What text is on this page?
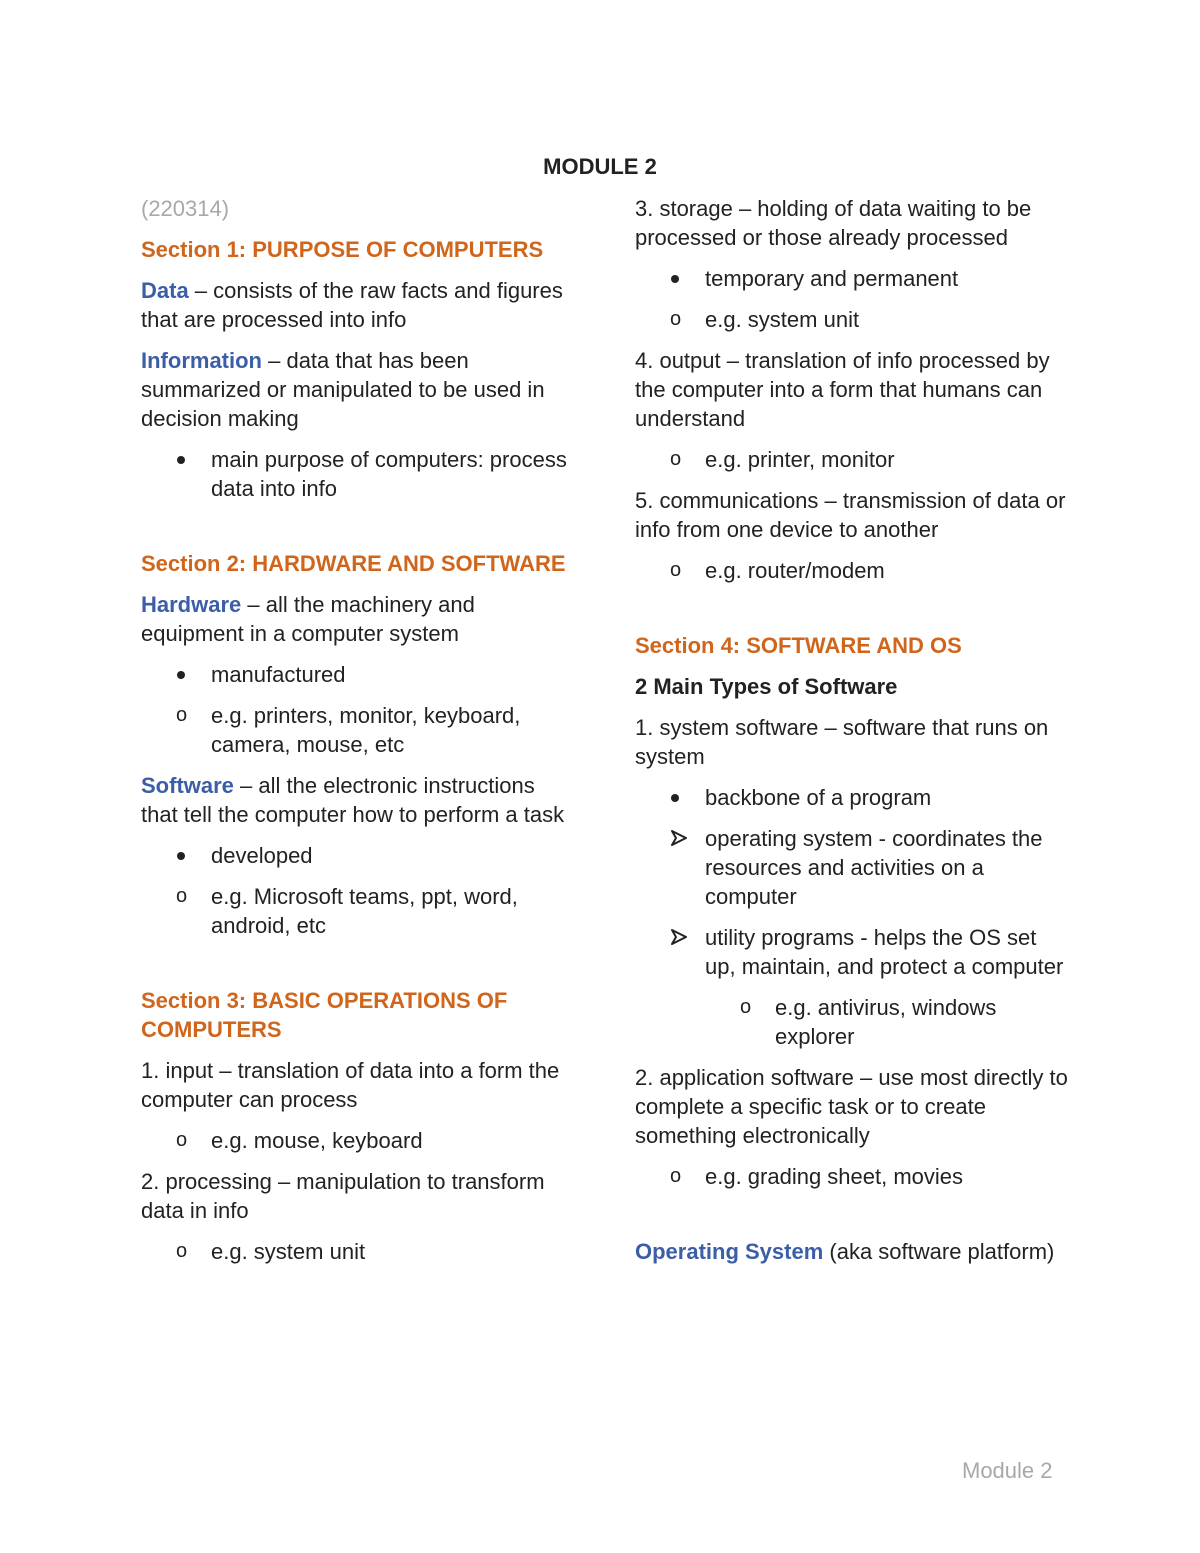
MODULE 2

(220314)

Section 1: PURPOSE OF COMPUTERS

Data – consists of the raw facts and figures that are processed into info

Information – data that has been summarized or manipulated to be used in decision making

main purpose of computers: process data into info

Section 2: HARDWARE AND SOFTWARE

Hardware – all the machinery and equipment in a computer system

manufactured
o	e.g. printers, monitor, keyboard, camera, mouse, etc

Software – all the electronic instructions that tell the computer how to perform a task

developed
o	e.g. Microsoft teams, ppt, word, android, etc

Section 3: BASIC OPERATIONS OF COMPUTERS

1. input – translation of data into a form the computer can process

o	e.g. mouse, keyboard

2. processing – manipulation to transform data in info

o	e.g. system unit

3. storage – holding of data waiting to be processed or those already processed

temporary and permanent
o	e.g. system unit

4. output – translation of info processed by the computer into a form that humans can understand

o	e.g. printer, monitor

5. communications – transmission of data or info from one device to another

o	e.g. router/modem

Section 4: SOFTWARE AND OS

2 Main Types of Software

1. system software – software that runs on system

backbone of a program
operating system - coordinates the resources and activities on a computer
utility programs - helps the OS set up, maintain, and protect a computer
o	e.g. antivirus, windows explorer

2. application software – use most directly to complete a specific task or to create something electronically

o	e.g. grading sheet, movies

Operating System (aka software platform)

Module 2
